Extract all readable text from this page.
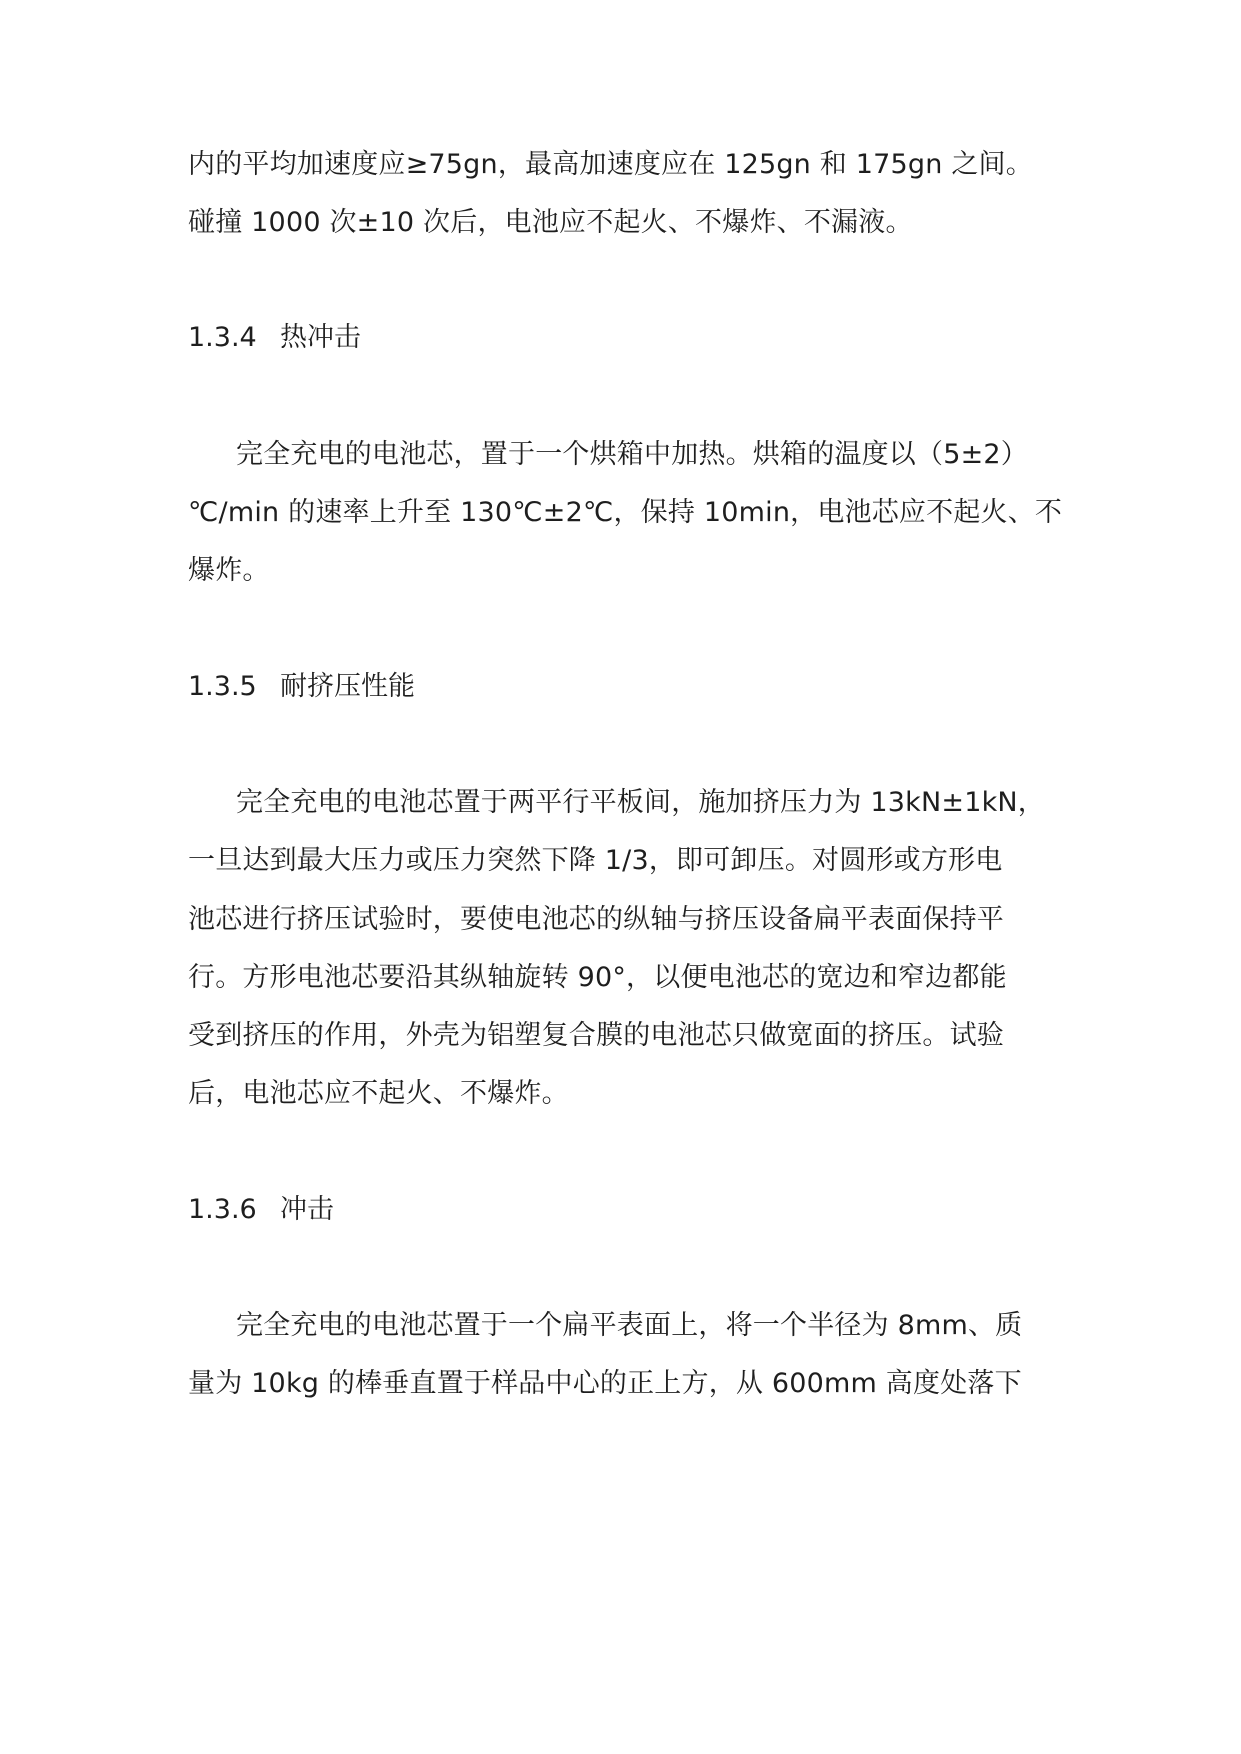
内的平均加速度应≥75gn，最高加速度应在 125gn 和 175gn 之间。
碰撞 1000 次±10 次后，电池应不起火、不爆炸、不漏液。
1.3.4 热冲击
完全充电的电池芯，置于一个烘箱中加热。烘箱的温度以（5±2）
℃/min 的速率上升至 130℃±2℃，保持 10min，电池芯应不起火、不
爆炸。
1.3.5 耐挤压性能
完全充电的电池芯置于两平行平板间，施加挤压力为 13kN±1kN，
一旦达到最大压力或压力突然下降 1/3，即可卸压。对圆形或方形电
池芯进行挤压试验时，要使电池芯的纵轴与挤压设备扁平表面保持平
行。方形电池芯要沿其纵轴旋转 90°，以便电池芯的宽边和窄边都能
受到挤压的作用，外壳为铝塑复合膜的电池芯只做宽面的挤压。试验
后，电池芯应不起火、不爆炸。
1.3.6 冲击
完全充电的电池芯置于一个扁平表面上，将一个半径为 8mm、质
量为 10kg 的棒垂直置于样品中心的正上方，从 600mm 高度处落下
